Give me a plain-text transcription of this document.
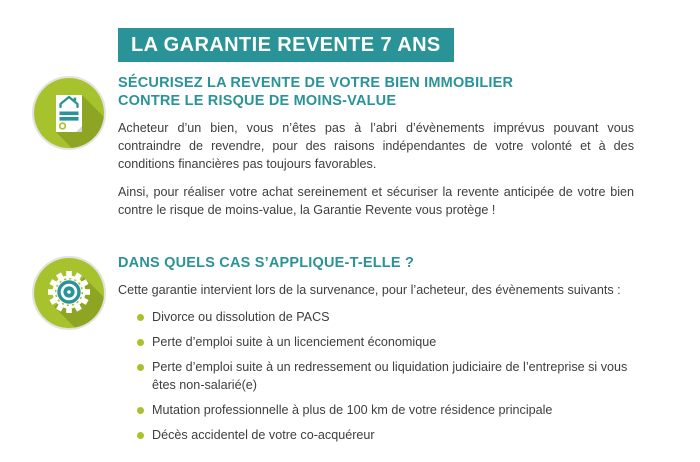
LA GARANTIE REVENTE 7 ANS
SÉCURISEZ LA REVENTE DE VOTRE BIEN IMMOBILIER
CONTRE LE RISQUE DE MOINS-VALUE

Acheteur d’un bien, vous n’êtes pas à l’abri d’évènements imprévus pouvant vous contraindre de revendre, pour des raisons indépendantes de votre volonté et à des conditions financières pas toujours favorables.

Ainsi, pour réaliser votre achat sereinement et sécuriser la revente anticipée de votre bien contre le risque de moins-value, la Garantie Revente vous protège !

DANS QUELS CAS S’APPLIQUE-T-ELLE ?

Cette garantie intervient lors de la survenance, pour l’acheteur, des évènements suivants :

Divorce ou dissolution de PACS
Perte d’emploi suite à un licenciement économique
Perte d’emploi suite à un redressement ou liquidation judiciaire de l’entreprise si vous êtes non-salarié(e)
Mutation professionnelle à plus de 100 km de votre résidence principale
Décès accidentel de votre co-acquéreur
